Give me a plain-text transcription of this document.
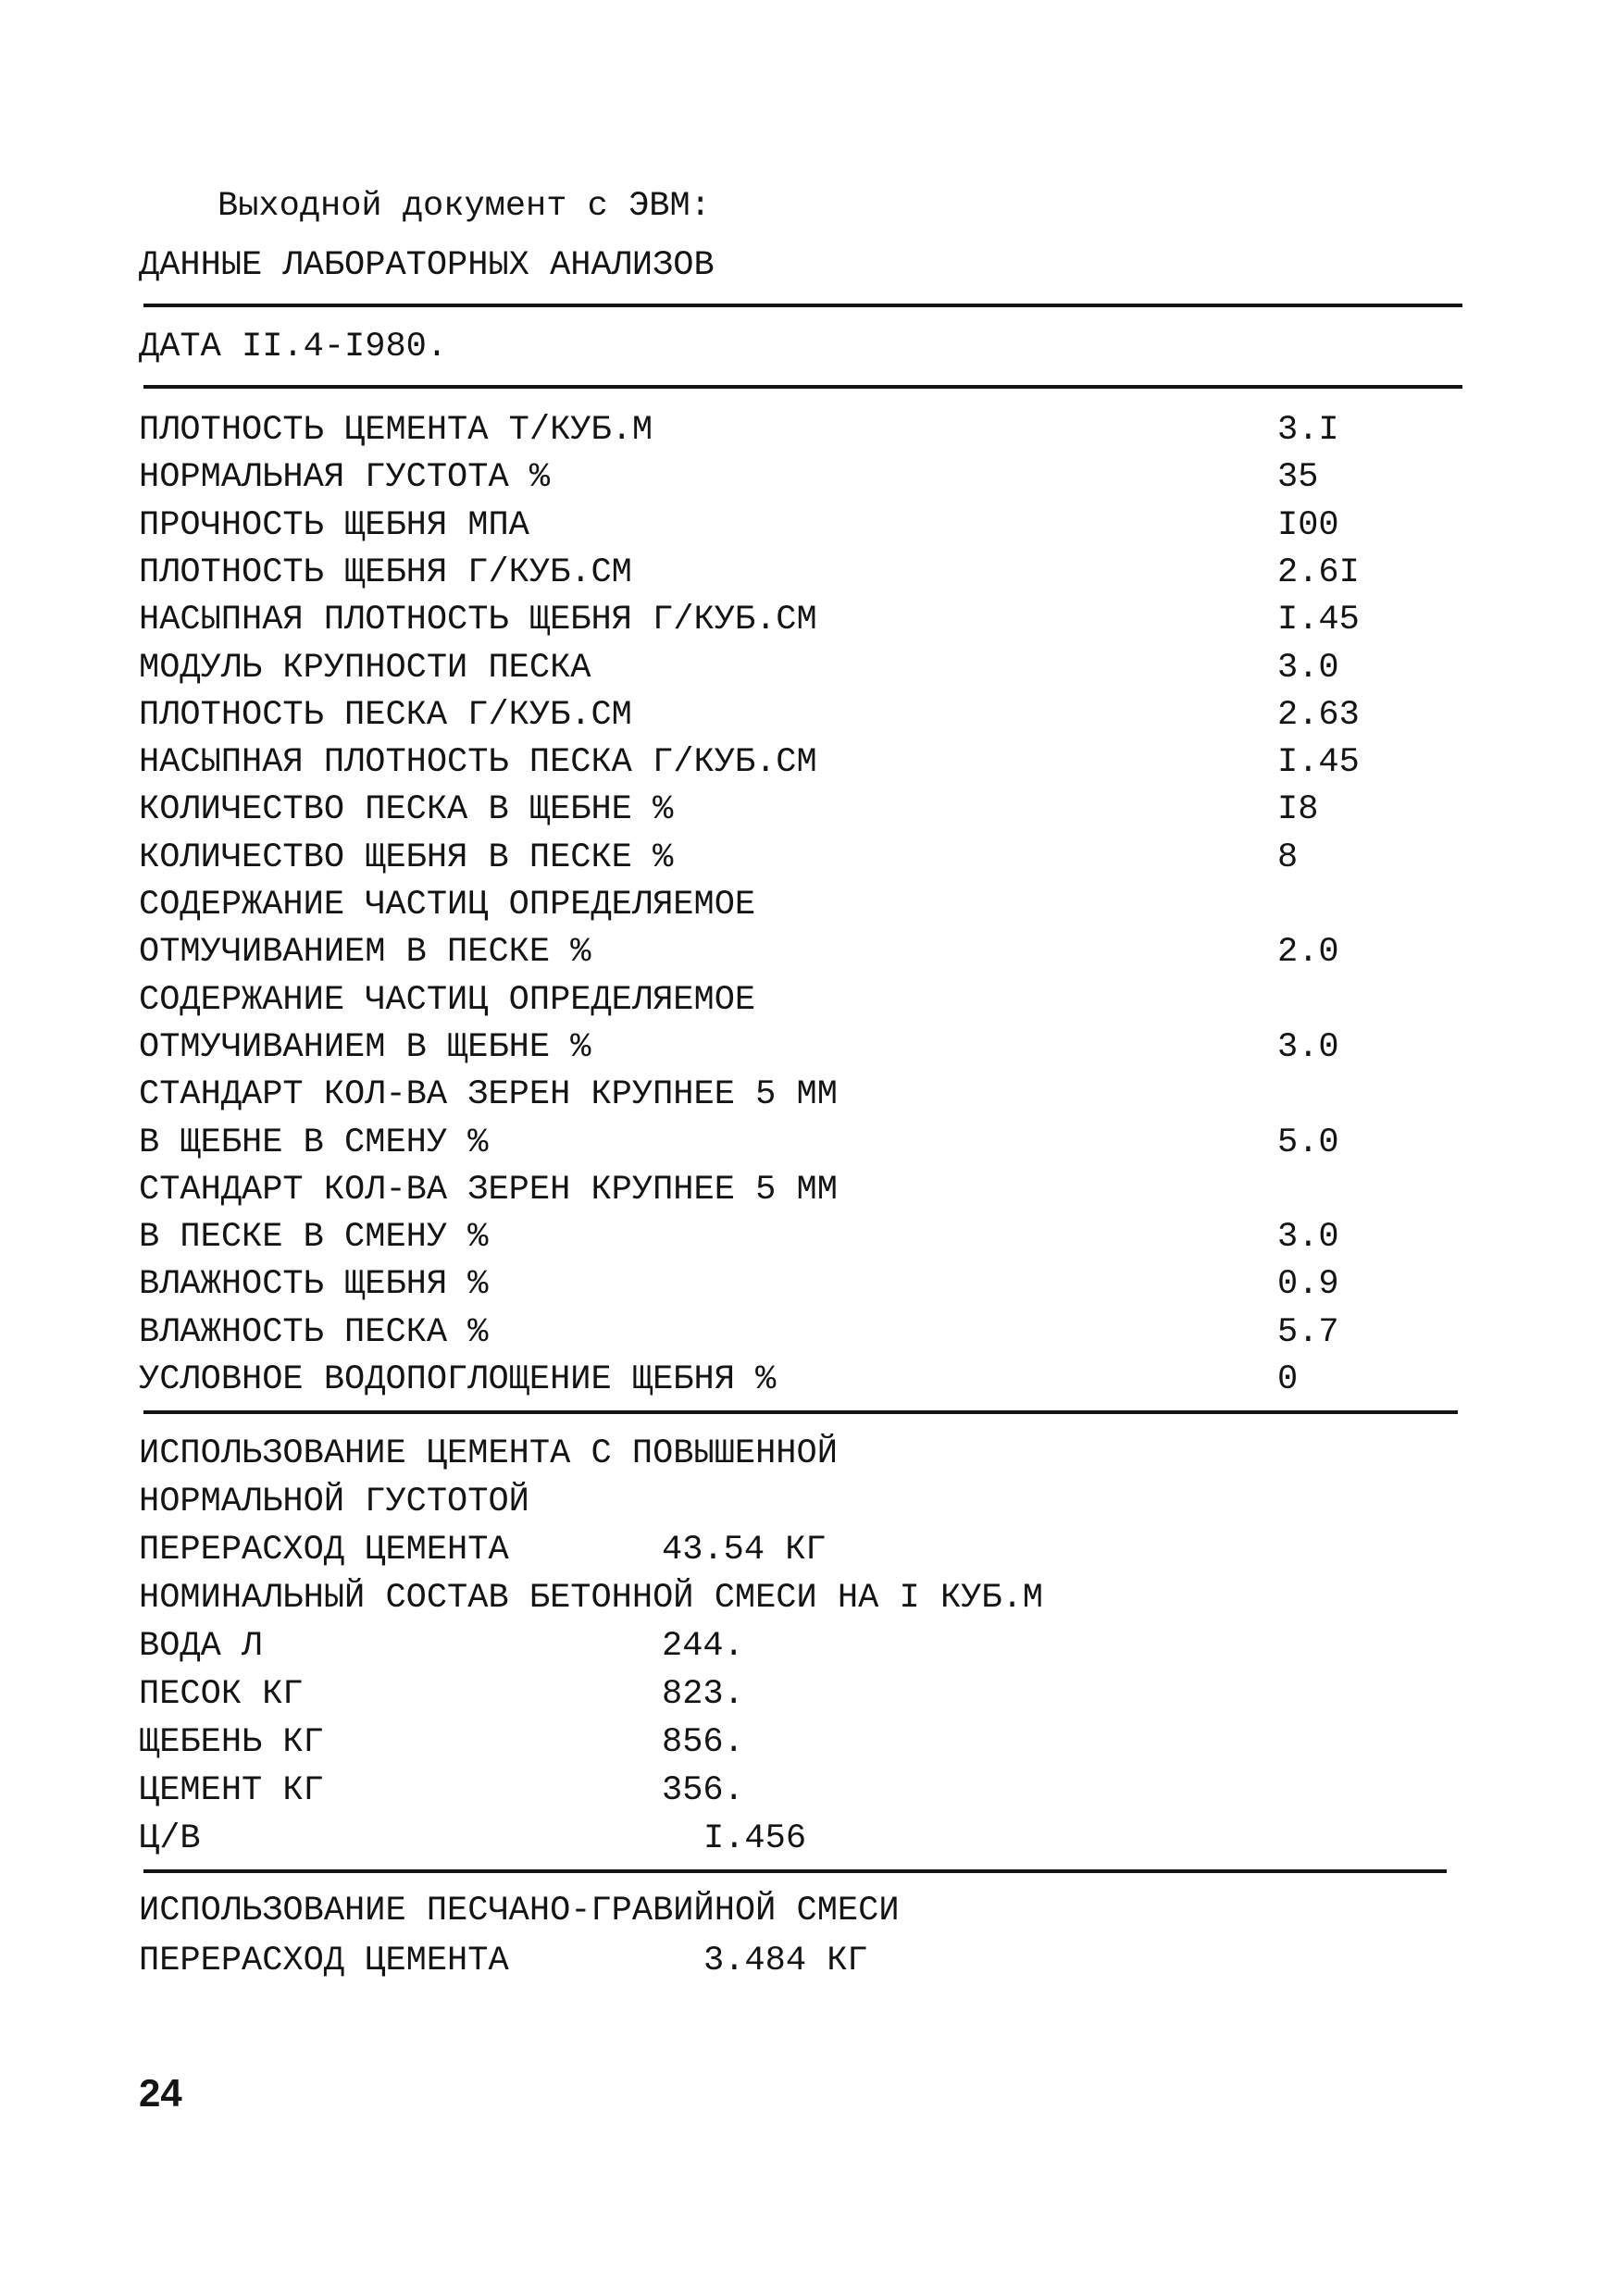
Выходной документ с ЭВМ:
ДАННЫЕ ЛАБОРАТОРНЫХ АНАЛИЗОВ
ДАТА II.4-I980.
ПЛОТНОСТЬ ЦЕМЕНТА Т/КУБ.М	3.I
НОРМАЛЬНАЯ ГУСТОТА %	35
ПРОЧНОСТЬ ЩЕБНЯ МПА	I00
ПЛОТНОСТЬ ЩЕБНЯ Г/КУБ.СМ	2.6I
НАСЫПНАЯ ПЛОТНОСТЬ ЩЕБНЯ Г/КУБ.СМ	I.45
МОДУЛЬ КРУПНОСТИ ПЕСКА	3.0
ПЛОТНОСТЬ ПЕСКА Г/КУБ.СМ	2.63
НАСЫПНАЯ ПЛОТНОСТЬ ПЕСКА Г/КУБ.СМ	I.45
КОЛИЧЕСТВО ПЕСКА В ЩЕБНЕ %	I8
КОЛИЧЕСТВО ЩЕБНЯ В ПЕСКЕ %	8
СОДЕРЖАНИЕ ЧАСТИЦ ОПРЕДЕЛЯЕМОЕ
ОТМУЧИВАНИЕМ В ПЕСКЕ %	2.0
СОДЕРЖАНИЕ ЧАСТИЦ ОПРЕДЕЛЯЕМОЕ
ОТМУЧИВАНИЕМ В ЩЕБНЕ %	3.0
СТАНДАРТ КОЛ-ВА ЗЕРЕН КРУПНЕЕ 5 ММ
В ЩЕБНЕ В СМЕНУ %	5.0
СТАНДАРТ КОЛ-ВА ЗЕРЕН КРУПНЕЕ 5 ММ
В ПЕСКЕ В СМЕНУ %	3.0
ВЛАЖНОСТЬ ЩЕБНЯ %	0.9
ВЛАЖНОСТЬ ПЕСКА %	5.7
УСЛОВНОЕ ВОДОПОГЛОЩЕНИЕ ЩЕБНЯ %	0
ИСПОЛЬЗОВАНИЕ ЦЕМЕНТА С ПОВЫШЕННОЙ
НОРМАЛЬНОЙ ГУСТОТОЙ
ПЕРЕРАСХОД ЦЕМЕНТА	43.54 КГ
НОМИНАЛЬНЫЙ СОСТАВ БЕТОННОЙ СМЕСИ НА I КУБ.М
ВОДА Л	244.
ПЕСОК КГ	823.
ЩЕБЕНЬ КГ	856.
ЦЕМЕНТ КГ	356.
Ц/В	I.456
ИСПОЛЬЗОВАНИЕ ПЕСЧАНО-ГРАВИЙНОЙ СМЕСИ
ПЕРЕРАСХОД ЦЕМЕНТА	3.484 КГ
24
